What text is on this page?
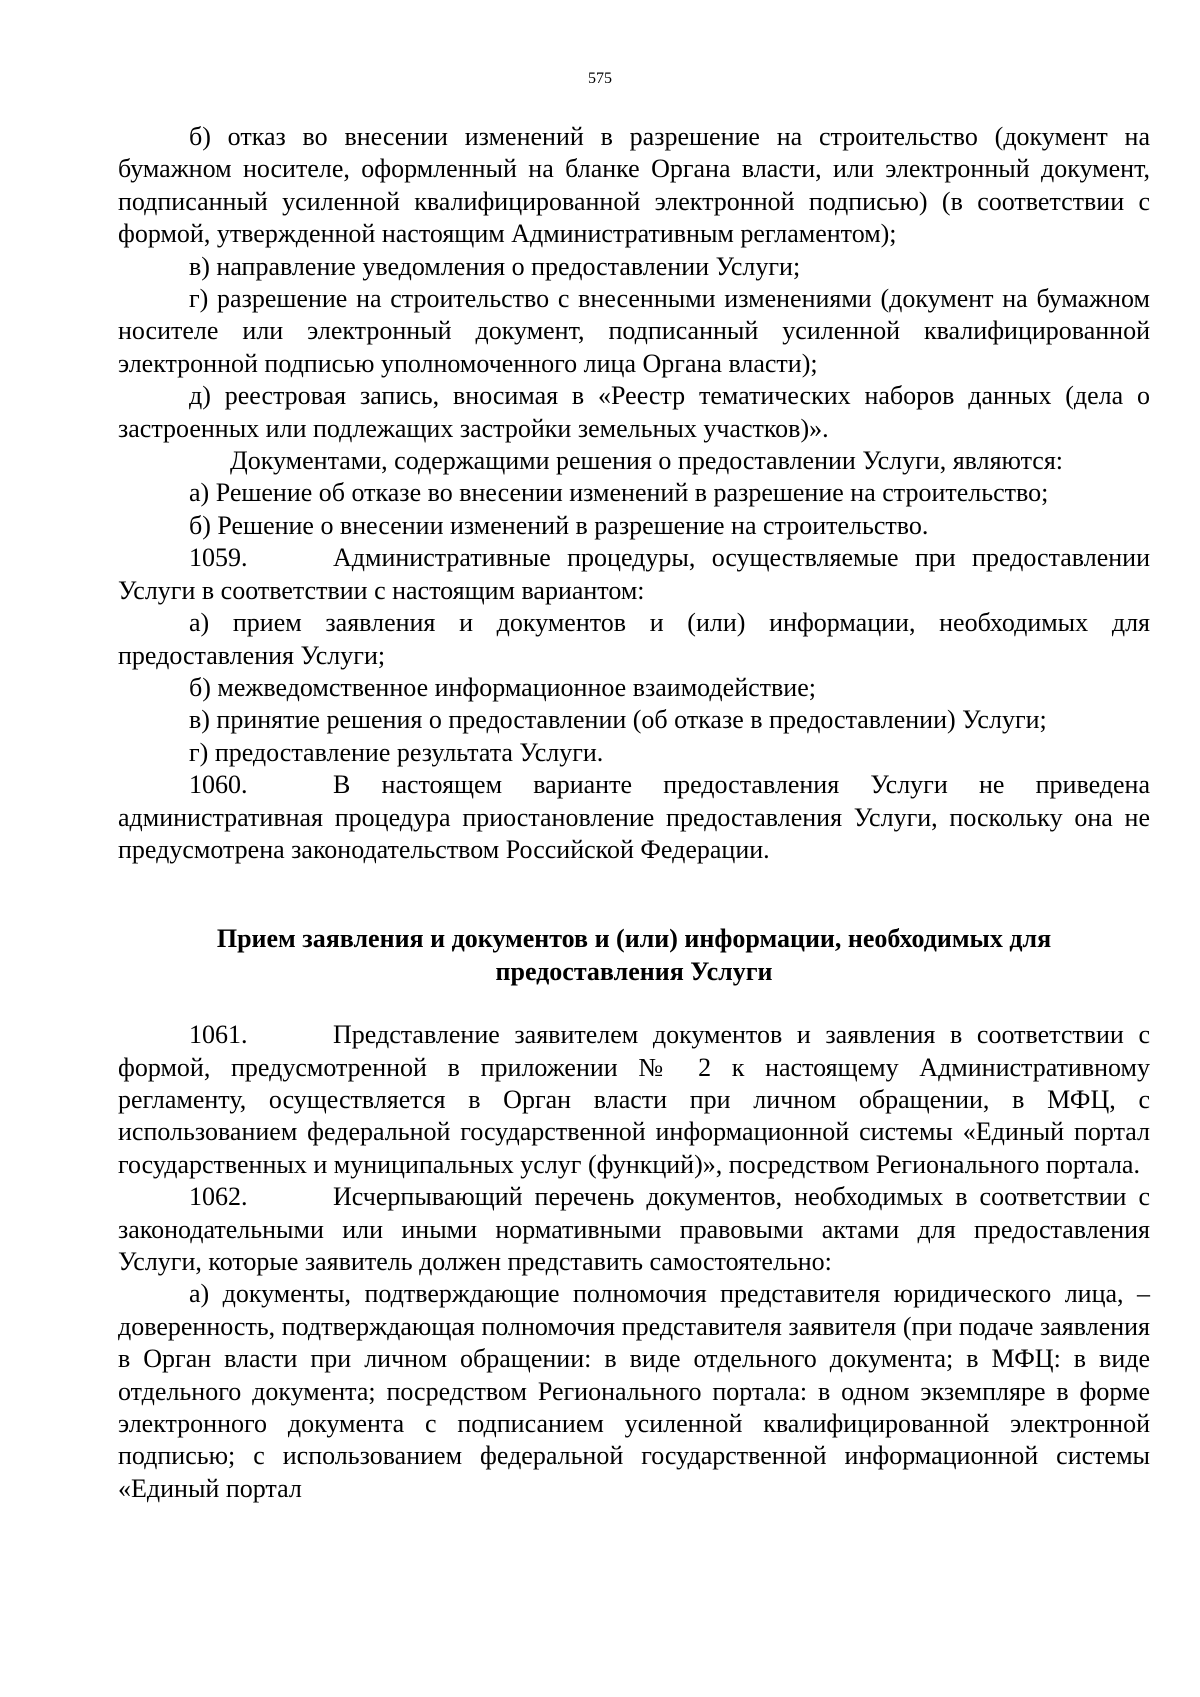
575

б) отказ во внесении изменений в разрешение на строительство (документ на бумажном носителе, оформленный на бланке Органа власти, или электронный документ, подписанный усиленной квалифицированной электронной подписью) (в соответствии с формой, утвержденной настоящим Административным регламентом);

в) направление уведомления о предоставлении Услуги;

г) разрешение на строительство с внесенными изменениями (документ на бумажном носителе или электронный документ, подписанный усиленной квалифицированной электронной подписью уполномоченного лица Органа власти);

д) реестровая запись, вносимая в «Реестр тематических наборов данных (дела о застроенных или подлежащих застройки земельных участков)».

Документами, содержащими решения о предоставлении Услуги, являются:

а) Решение об отказе во внесении изменений в разрешение на строительство;

б) Решение о внесении изменений в разрешение на строительство.

1059.	Административные процедуры, осуществляемые при предоставлении Услуги в соответствии с настоящим вариантом:

а) прием заявления и документов и (или) информации, необходимых для предоставления Услуги;

б) межведомственное информационное взаимодействие;

в) принятие решения о предоставлении (об отказе в предоставлении) Услуги;

г) предоставление результата Услуги.

1060.	В настоящем варианте предоставления Услуги не приведена административная процедура приостановление предоставления Услуги, поскольку она не предусмотрена законодательством Российской Федерации.

Прием заявления и документов и (или) информации, необходимых для предоставления Услуги

1061.	Представление заявителем документов и заявления в соответствии с формой, предусмотренной в приложении № 2 к настоящему Административному регламенту, осуществляется в Орган власти при личном обращении, в МФЦ, с использованием федеральной государственной информационной системы «Единый портал государственных и муниципальных услуг (функций)», посредством Регионального портала.

1062.	Исчерпывающий перечень документов, необходимых в соответствии с законодательными или иными нормативными правовыми актами для предоставления Услуги, которые заявитель должен представить самостоятельно:

а) документы, подтверждающие полномочия представителя юридического лица, – доверенность, подтверждающая полномочия представителя заявителя (при подаче заявления в Орган власти при личном обращении: в виде отдельного документа; в МФЦ: в виде отдельного документа; посредством Регионального портала: в одном экземпляре в форме электронного документа с подписанием усиленной квалифицированной электронной подписью; с использованием федеральной государственной информационной системы «Единый портал
